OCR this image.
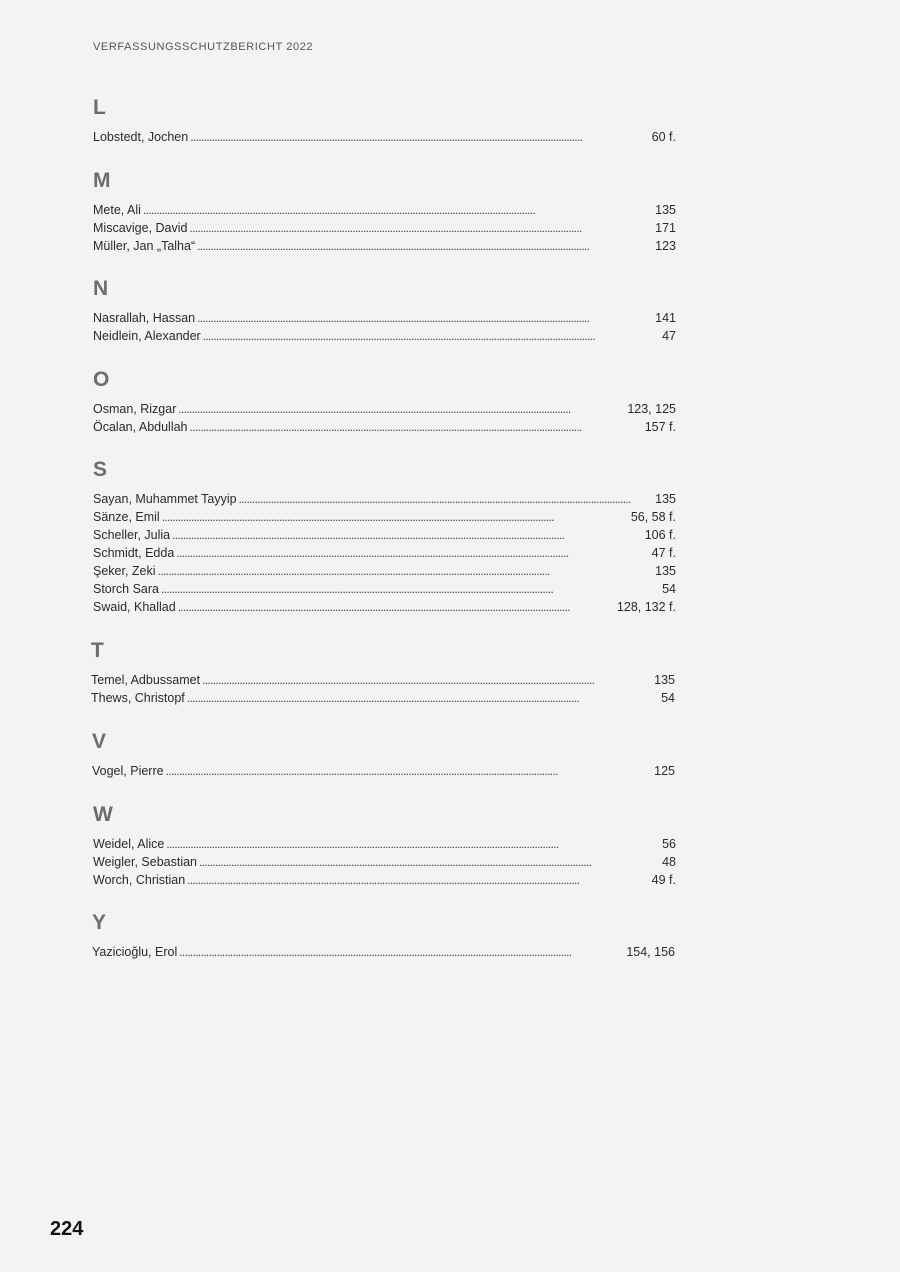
VERFASSUNGSSCHUTZBERICHT 2022
L
Lobstedt, Jochen . . .	60 f.
M
Mete, Ali . . .	135
Miscavige, David . . .	171
Müller, Jan „Talha“ . . .	123
N
Nasrallah, Hassan . . .	141
Neidlein, Alexander . . .	47
O
Osman, Rizgar . . .	123, 125
Öcalan, Abdullah . . .	157 f.
S
Sayan, Muhammet Tayyip . . .	135
Sänze, Emil . . .	56, 58 f.
Scheller, Julia . . .	106 f.
Schmidt, Edda . . .	47 f.
Şeker, Zeki . . .	135
Storch Sara . . .	54
Swaid, Khallad . . .	128, 132 f.
T
Temel, Adbussamet . . .	135
Thews, Christopf . . .	54
V
Vogel, Pierre . . .	125
W
Weidel, Alice . . .	56
Weigler, Sebastian . . .	48
Worch, Christian . . .	49 f.
Y
Yazicioğlu, Erol . . .	154, 156
224
